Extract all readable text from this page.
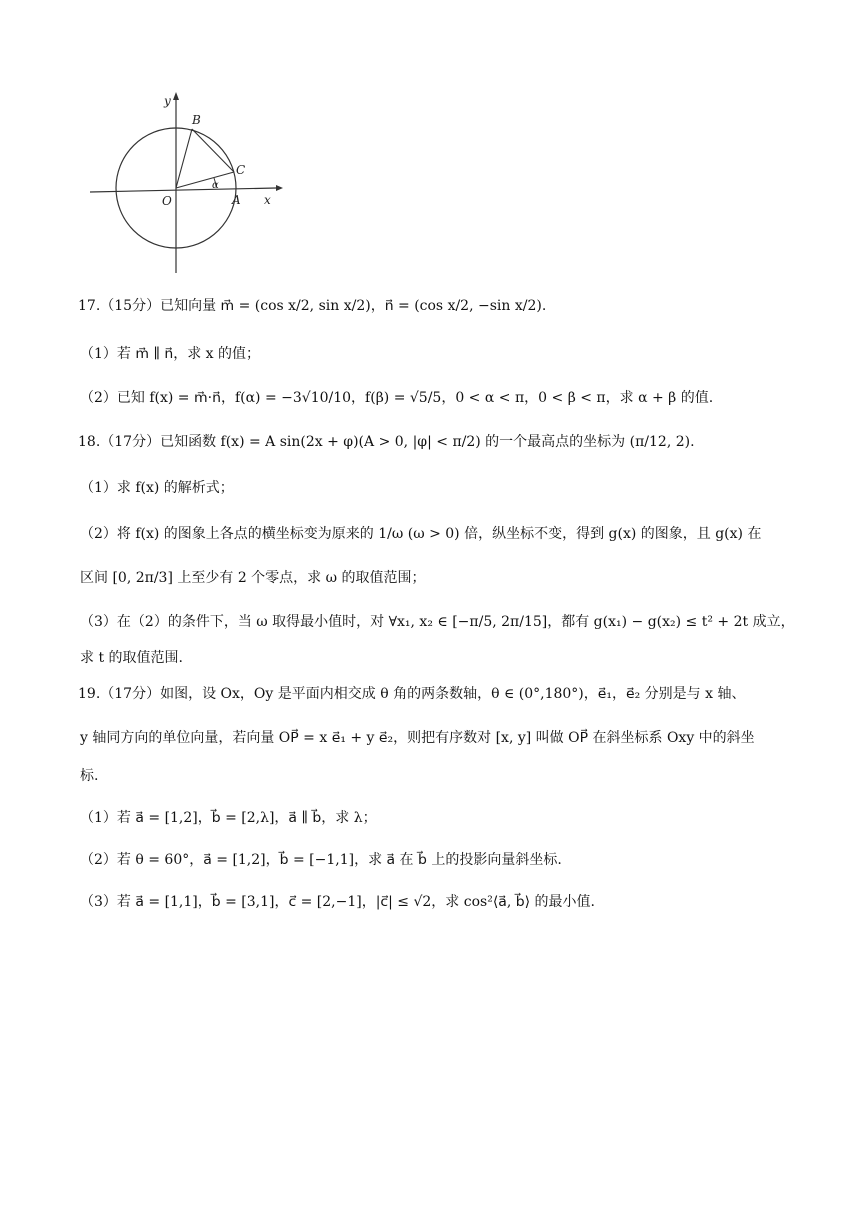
y
x
O	A
B
C
α
17.（15分）已知向量 m⃗ = (cos x/2, sin x/2)，n⃗ = (cos x/2, −sin x/2).
（1）若 m⃗ ∥ n⃗，求 x 的值；
（2）已知 f(x) = m⃗·n⃗，f(α) = −3√10/10，f(β) = √5/5，0 < α < π，0 < β < π，求 α + β 的值.
18.（17分）已知函数 f(x) = A sin(2x + φ)(A > 0, |φ| < π/2) 的一个最高点的坐标为 (π/12, 2).
（1）求 f(x) 的解析式；
（2）将 f(x) 的图象上各点的横坐标变为原来的 1/ω (ω > 0) 倍，纵坐标不变，得到 g(x) 的图象，且 g(x) 在
区间 [0, 2π/3] 上至少有 2 个零点，求 ω 的取值范围；
（3）在（2）的条件下，当 ω 取得最小值时，对 ∀x₁, x₂ ∈ [−π/5, 2π/15]，都有 g(x₁) − g(x₂) ≤ t² + 2t 成立，
求 t 的取值范围.
19.（17分）如图，设 Ox，Oy 是平面内相交成 θ 角的两条数轴，θ ∈ (0°,180°)，e⃗₁，e⃗₂ 分别是与 x 轴、
y 轴同方向的单位向量，若向量 OP⃗ = x e⃗₁ + y e⃗₂，则把有序数对 [x, y] 叫做 OP⃗ 在斜坐标系 Oxy 中的斜坐
标.
（1）若 a⃗ = [1,2]，b⃗ = [2,λ]，a⃗ ∥ b⃗，求 λ；
（2）若 θ = 60°，a⃗ = [1,2]，b⃗ = [−1,1]，求 a⃗ 在 b⃗ 上的投影向量斜坐标.
（3）若 a⃗ = [1,1]，b⃗ = [3,1]，c⃗ = [2,−1]，|c⃗| ≤ √2，求 cos²⟨a⃗, b⃗⟩ 的最小值.
